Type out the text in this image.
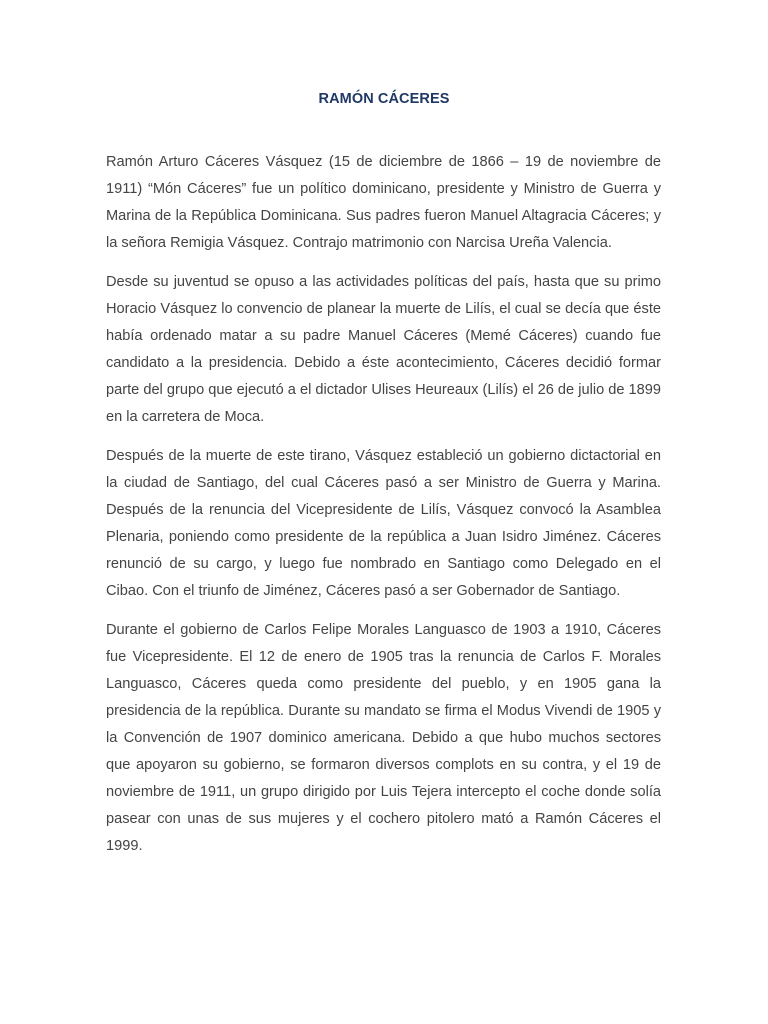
RAMÓN CÁCERES

Ramón Arturo Cáceres Vásquez (15 de diciembre de 1866 – 19 de noviembre de 1911) “Món Cáceres” fue un político dominicano, presidente y Ministro de Guerra y Marina de la República Dominicana. Sus padres fueron Manuel Altagracia Cáceres; y la señora Remigia Vásquez. Contrajo matrimonio con Narcisa Ureña Valencia.

Desde su juventud se opuso a las actividades políticas del país, hasta que su primo Horacio Vásquez lo convencio de planear la muerte de Lilís, el cual se decía que éste había ordenado matar a su padre Manuel Cáceres (Memé Cáceres) cuando fue candidato a la presidencia. Debido a éste acontecimiento, Cáceres decidió formar parte del grupo que ejecutó a el dictador Ulises Heureaux (Lilís) el 26 de julio de 1899 en la carretera de Moca.

Después de la muerte de este tirano, Vásquez estableció un gobierno dictactorial en la ciudad de Santiago, del cual Cáceres pasó a ser Ministro de Guerra y Marina. Después de la renuncia del Vicepresidente de Lilís, Vásquez convocó la Asamblea Plenaria, poniendo como presidente de la república a Juan Isidro Jiménez. Cáceres renunció de su cargo, y luego fue nombrado en Santiago como Delegado en el Cibao. Con el triunfo de Jiménez, Cáceres pasó a ser Gobernador de Santiago.

Durante el gobierno de Carlos Felipe Morales Languasco de 1903 a 1910, Cáceres fue Vicepresidente. El 12 de enero de 1905 tras la renuncia de Carlos F. Morales Languasco, Cáceres queda como presidente del pueblo, y en 1905 gana la presidencia de la república. Durante su mandato se firma el Modus Vivendi de 1905 y la Convención de 1907 dominico americana. Debido a que hubo muchos sectores que apoyaron su gobierno, se formaron diversos complots en su contra, y el 19 de noviembre de 1911, un grupo dirigido por Luis Tejera intercepto el coche donde solía pasear con unas de sus mujeres y el cochero pitolero mató a Ramón Cáceres el 1999.
